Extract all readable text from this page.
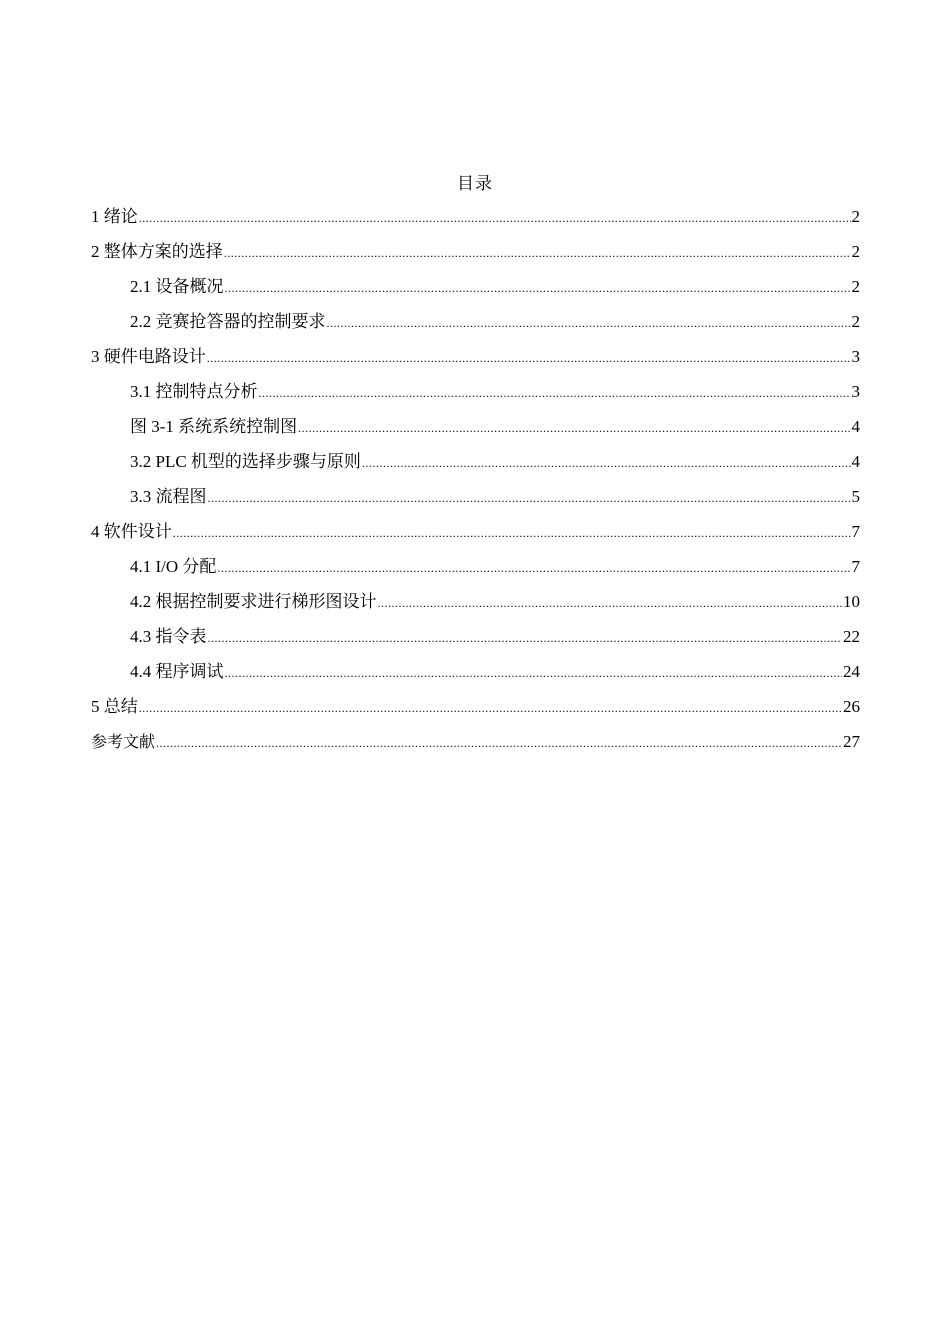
目录
1 绪论 .....	2
2 整体方案的选择 .....	2
2.1 设备概况 .....	2
2.2 竞赛抢答器的控制要求 .....	2
3 硬件电路设计 .....	3
3.1 控制特点分析 .....	3
图 3-1 系统系统控制图 .....	4
3.2 PLC 机型的选择步骤与原则 .....	4
3.3 流程图 .....	5
4 软件设计 .....	7
4.1 I/O 分配 .....	7
4.2 根据控制要求进行梯形图设计 .....	10
4.3 指令表 .....	22
4.4 程序调试 .....	24
5 总结 .....	26
参考文献 .....	27
